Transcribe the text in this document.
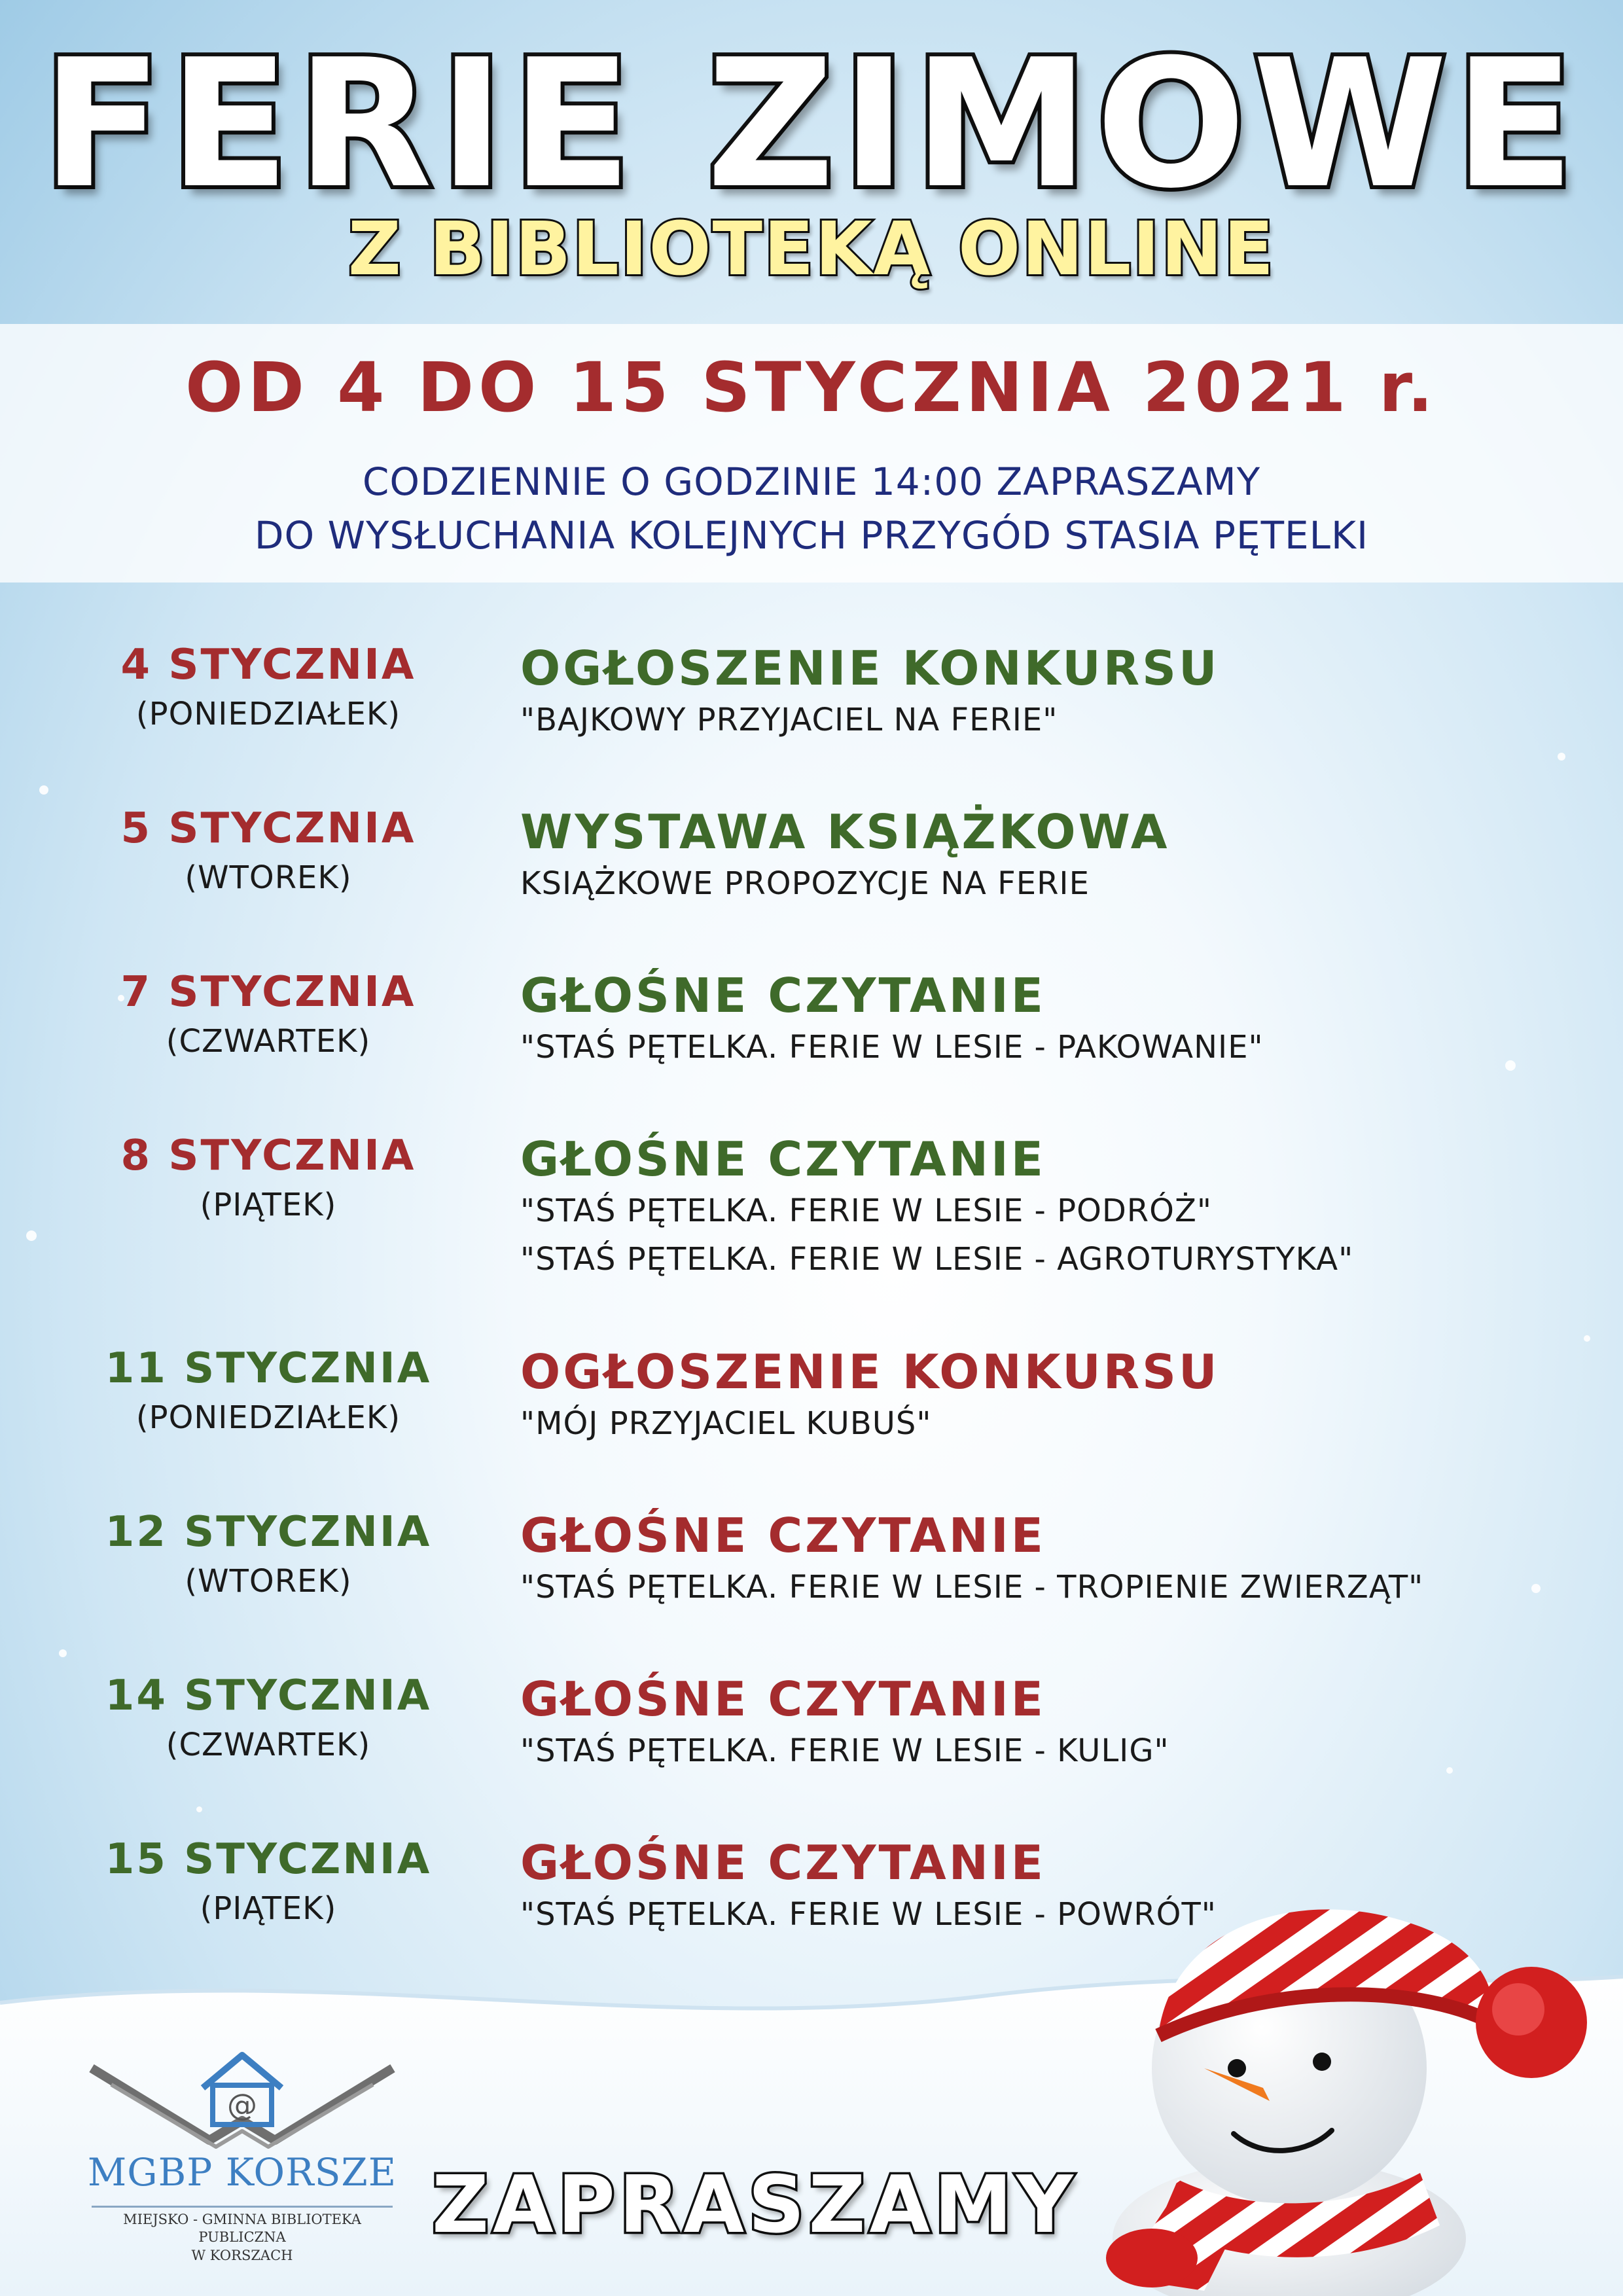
FERIE ZIMOWE
Z BIBLIOTEKĄ ONLINE
OD 4 DO 15 STYCZNIA 2021 r.
CODZIENNIE O GODZINIE 14:00 ZAPRASZAMY
DO WYSŁUCHANIA KOLEJNYCH PRZYGÓD STASIA PĘTELKI
4 STYCZNIA
(PONIEDZIAŁEK)
OGŁOSZENIE KONKURSU
"BAJKOWY PRZYJACIEL NA FERIE"
5 STYCZNIA
(WTOREK)
WYSTAWA KSIĄŻKOWA
KSIĄŻKOWE PROPOZYCJE NA FERIE
7 STYCZNIA
(CZWARTEK)
GŁOŚNE CZYTANIE
"STAŚ PĘTELKA. FERIE W LESIE - PAKOWANIE"
8 STYCZNIA
(PIĄTEK)
GŁOŚNE CZYTANIE
"STAŚ PĘTELKA. FERIE W LESIE - PODRÓŻ"
"STAŚ PĘTELKA. FERIE W LESIE - AGROTURYSTYKA"
11 STYCZNIA
(PONIEDZIAŁEK)
OGŁOSZENIE KONKURSU
"MÓJ PRZYJACIEL KUBUŚ"
12 STYCZNIA
(WTOREK)
GŁOŚNE CZYTANIE
"STAŚ PĘTELKA. FERIE W LESIE - TROPIENIE ZWIERZĄT"
14 STYCZNIA
(CZWARTEK)
GŁOŚNE CZYTANIE
"STAŚ PĘTELKA. FERIE W LESIE - KULIG"
15 STYCZNIA
(PIĄTEK)
GŁOŚNE CZYTANIE
"STAŚ PĘTELKA. FERIE W LESIE - POWRÓT"
@
MGBP KORSZE
MIEJSKO - GMINNA BIBLIOTEKA PUBLICZNA
W KORSZACH
ZAPRASZAMY
